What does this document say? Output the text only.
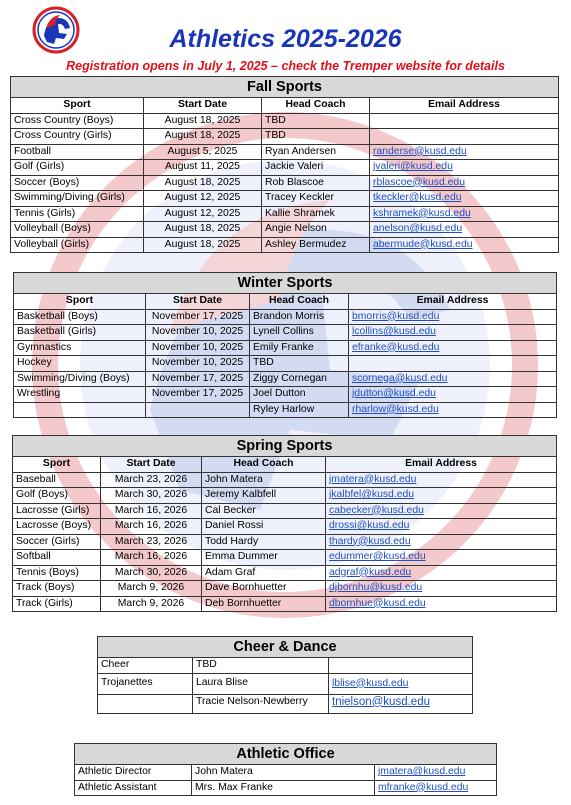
Athletics 2025-2026
Registration opens in July 1, 2025 – check the Tremper website for details
Fall Sports			
Sport	Start Date	Head Coach	Email Address
Cross Country (Boys)	August 18, 2025	TBD	
Cross Country (Girls)	August 18, 2025	TBD	
Football	August 5, 2025	Ryan Andersen	randerse@kusd.edu
Golf (Girls)	August 11, 2025	Jackie Valeri	jvaleri@kusd.edu
Soccer (Boys)	August 18, 2025	Rob Blascoe	rblascoe@kusd.edu
Swimming/Diving (Girls)	August 12, 2025	Tracey Keckler	tkeckler@kusd.edu
Tennis (Girls)	August 12, 2025	Kallie Shramek	kshramek@kusd.edu
Volleyball (Boys)	August 18, 2025	Angie Nelson	anelson@kusd.edu
Volleyball (Girls)	August 18, 2025	Ashley Bermudez	abermude@kusd.edu
Winter Sports			
Sport	Start Date	Head Coach	Email Address
Basketball (Boys)	November 17, 2025	Brandon Morris	bmorris@kusd.edu
Basketball (Girls)	November 10, 2025	Lynell Collins	lcollins@kusd.edu
Gymnastics	November 10, 2025	Emily Franke	efranke@kusd.edu
Hockey	November 10, 2025	TBD	
Swimming/Diving (Boys)	November 17, 2025	Ziggy Cornegan	scornega@kusd.edu
Wrestling	November 17, 2025	Joel Dutton	jdutton@kusd.edu
		Ryley Harlow	rharlow@kusd.edu
Spring Sports			
Sport	Start Date	Head Coach	Email Address
Baseball	March 23, 2026	John Matera	jmatera@kusd.edu
Golf (Boys)	March 30, 2026	Jeremy Kalbfell	jkalbfel@kusd.edu
Lacrosse (Girls)	March 16, 2026	Cal Becker	cabecker@kusd.edu
Lacrosse (Boys)	March 16, 2026	Daniel Rossi	drossi@kusd.edu
Soccer (Girls)	March 23, 2026	Todd Hardy	thardy@kusd.edu
Softball	March 16, 2026	Emma Dummer	edummer@kusd.edu
Tennis (Boys)	March 30, 2026	Adam Graf	adgraf@kusd.edu
Track (Boys)	March 9, 2026	Dave Bornhuetter	djbornhu@kusd.edu
Track (Girls)	March 9, 2026	Deb Bornhuetter	dbornhue@kusd.edu
Cheer & Dance		
Cheer	TBD	
Trojanettes	Laura Blise	lblise@kusd.edu
	Tracie Nelson-Newberry	tnielson@kusd.edu
Athletic Office		
Athletic Director	John Matera	jmatera@kusd.edu
Athletic Assistant	Mrs. Max Franke	mfranke@kusd.edu
